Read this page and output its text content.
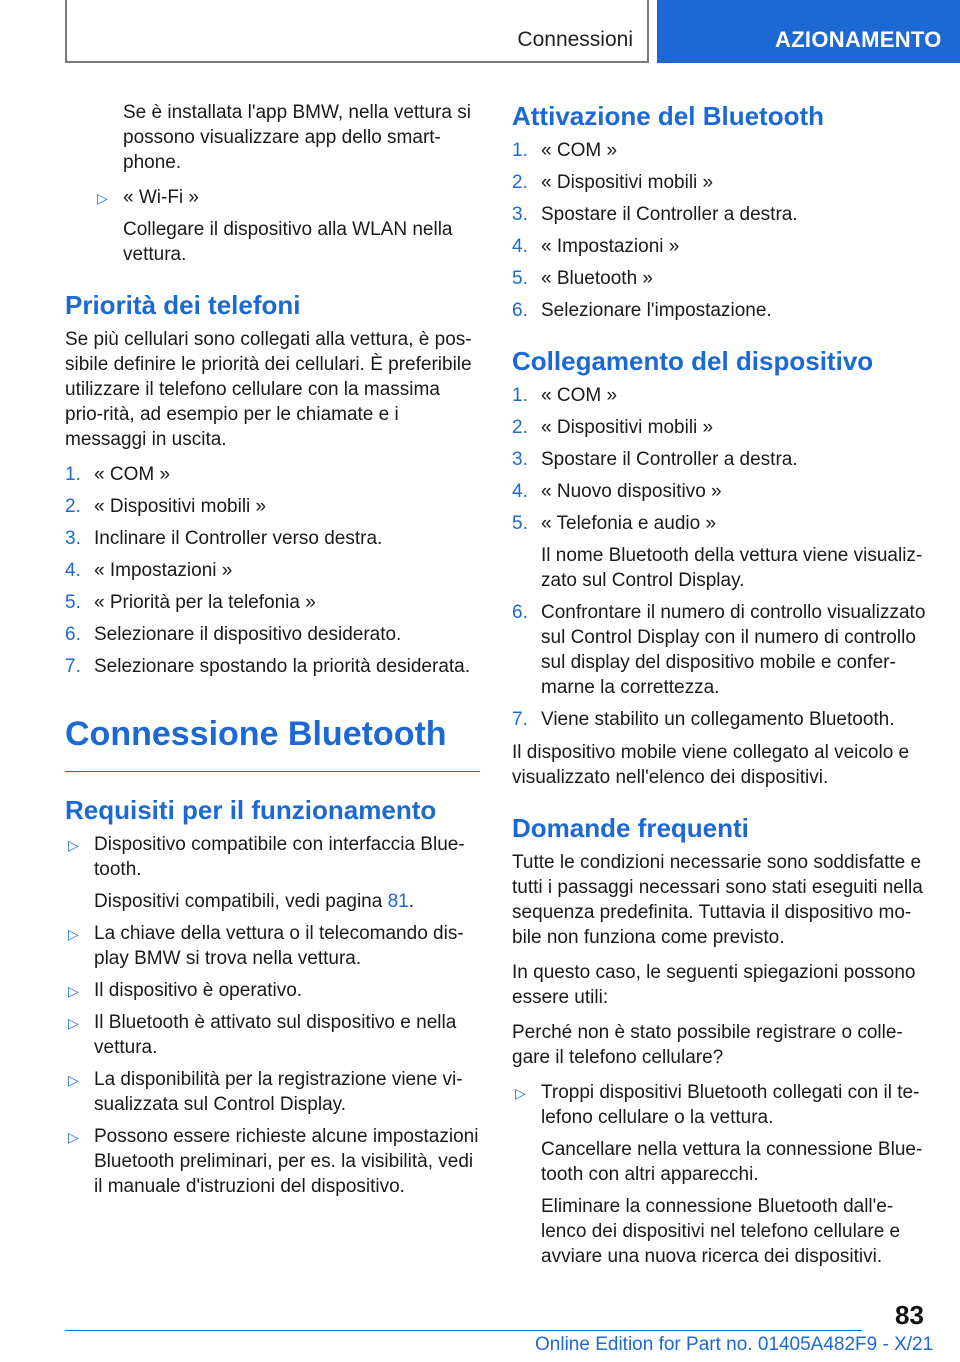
Connessioni	AZIONAMENTO

Se è installata l'app BMW, nella vettura si possono visualizzare app dello smart-phone.

▷ « Wi-Fi »
Collegare il dispositivo alla WLAN nella vettura.
Priorità dei telefoni

Se più cellulari sono collegati alla vettura, è pos-sibile definire le priorità dei cellulari. È preferibile utilizzare il telefono cellulare con la massima prio-rità, ad esempio per le chiamate e i messaggi in uscita.

1. « COM »
2. « Dispositivi mobili »
3. Inclinare il Controller verso destra.
4. « Impostazioni »
5. « Priorità per la telefonia »
6. Selezionare il dispositivo desiderato.
7. Selezionare spostando la priorità desiderata.
Connessione Bluetooth
Requisiti per il funzionamento
▷ Dispositivo compatibile con interfaccia Blue-tooth.
Dispositivi compatibili, vedi pagina 81.
▷ La chiave della vettura o il telecomando dis-play BMW si trova nella vettura.
▷ Il dispositivo è operativo.
▷ Il Bluetooth è attivato sul dispositivo e nella vettura.
▷ La disponibilità per la registrazione viene vi-sualizzata sul Control Display.
▷ Possono essere richieste alcune impostazioni Bluetooth preliminari, per es. la visibilità, vedi il manuale d'istruzioni del dispositivo.
Attivazione del Bluetooth
1. « COM »
2. « Dispositivi mobili »
3. Spostare il Controller a destra.
4. « Impostazioni »
5. « Bluetooth »
6. Selezionare l'impostazione.
Collegamento del dispositivo
1. « COM »
2. « Dispositivi mobili »
3. Spostare il Controller a destra.
4. « Nuovo dispositivo »
5. « Telefonia e audio »
Il nome Bluetooth della vettura viene visualiz-zato sul Control Display.
6. Confrontare il numero di controllo visualizzato sul Control Display con il numero di controllo sul display del dispositivo mobile e confer-marne la correttezza.
7. Viene stabilito un collegamento Bluetooth.

Il dispositivo mobile viene collegato al veicolo e visualizzato nell'elenco dei dispositivi.

Domande frequenti

Tutte le condizioni necessarie sono soddisfatte e tutti i passaggi necessari sono stati eseguiti nella sequenza predefinita. Tuttavia il dispositivo mo-bile non funziona come previsto.

In questo caso, le seguenti spiegazioni possono essere utili:

Perché non è stato possibile registrare o colle-gare il telefono cellulare?

▷ Troppi dispositivi Bluetooth collegati con il te-lefono cellulare o la vettura.
Cancellare nella vettura la connessione Blue-tooth con altri apparecchi.
Eliminare la connessione Bluetooth dall'e-lenco dei dispositivi nel telefono cellulare e avviare una nuova ricerca dei dispositivi.
83
Online Edition for Part no. 01405A482F9 - X/21
